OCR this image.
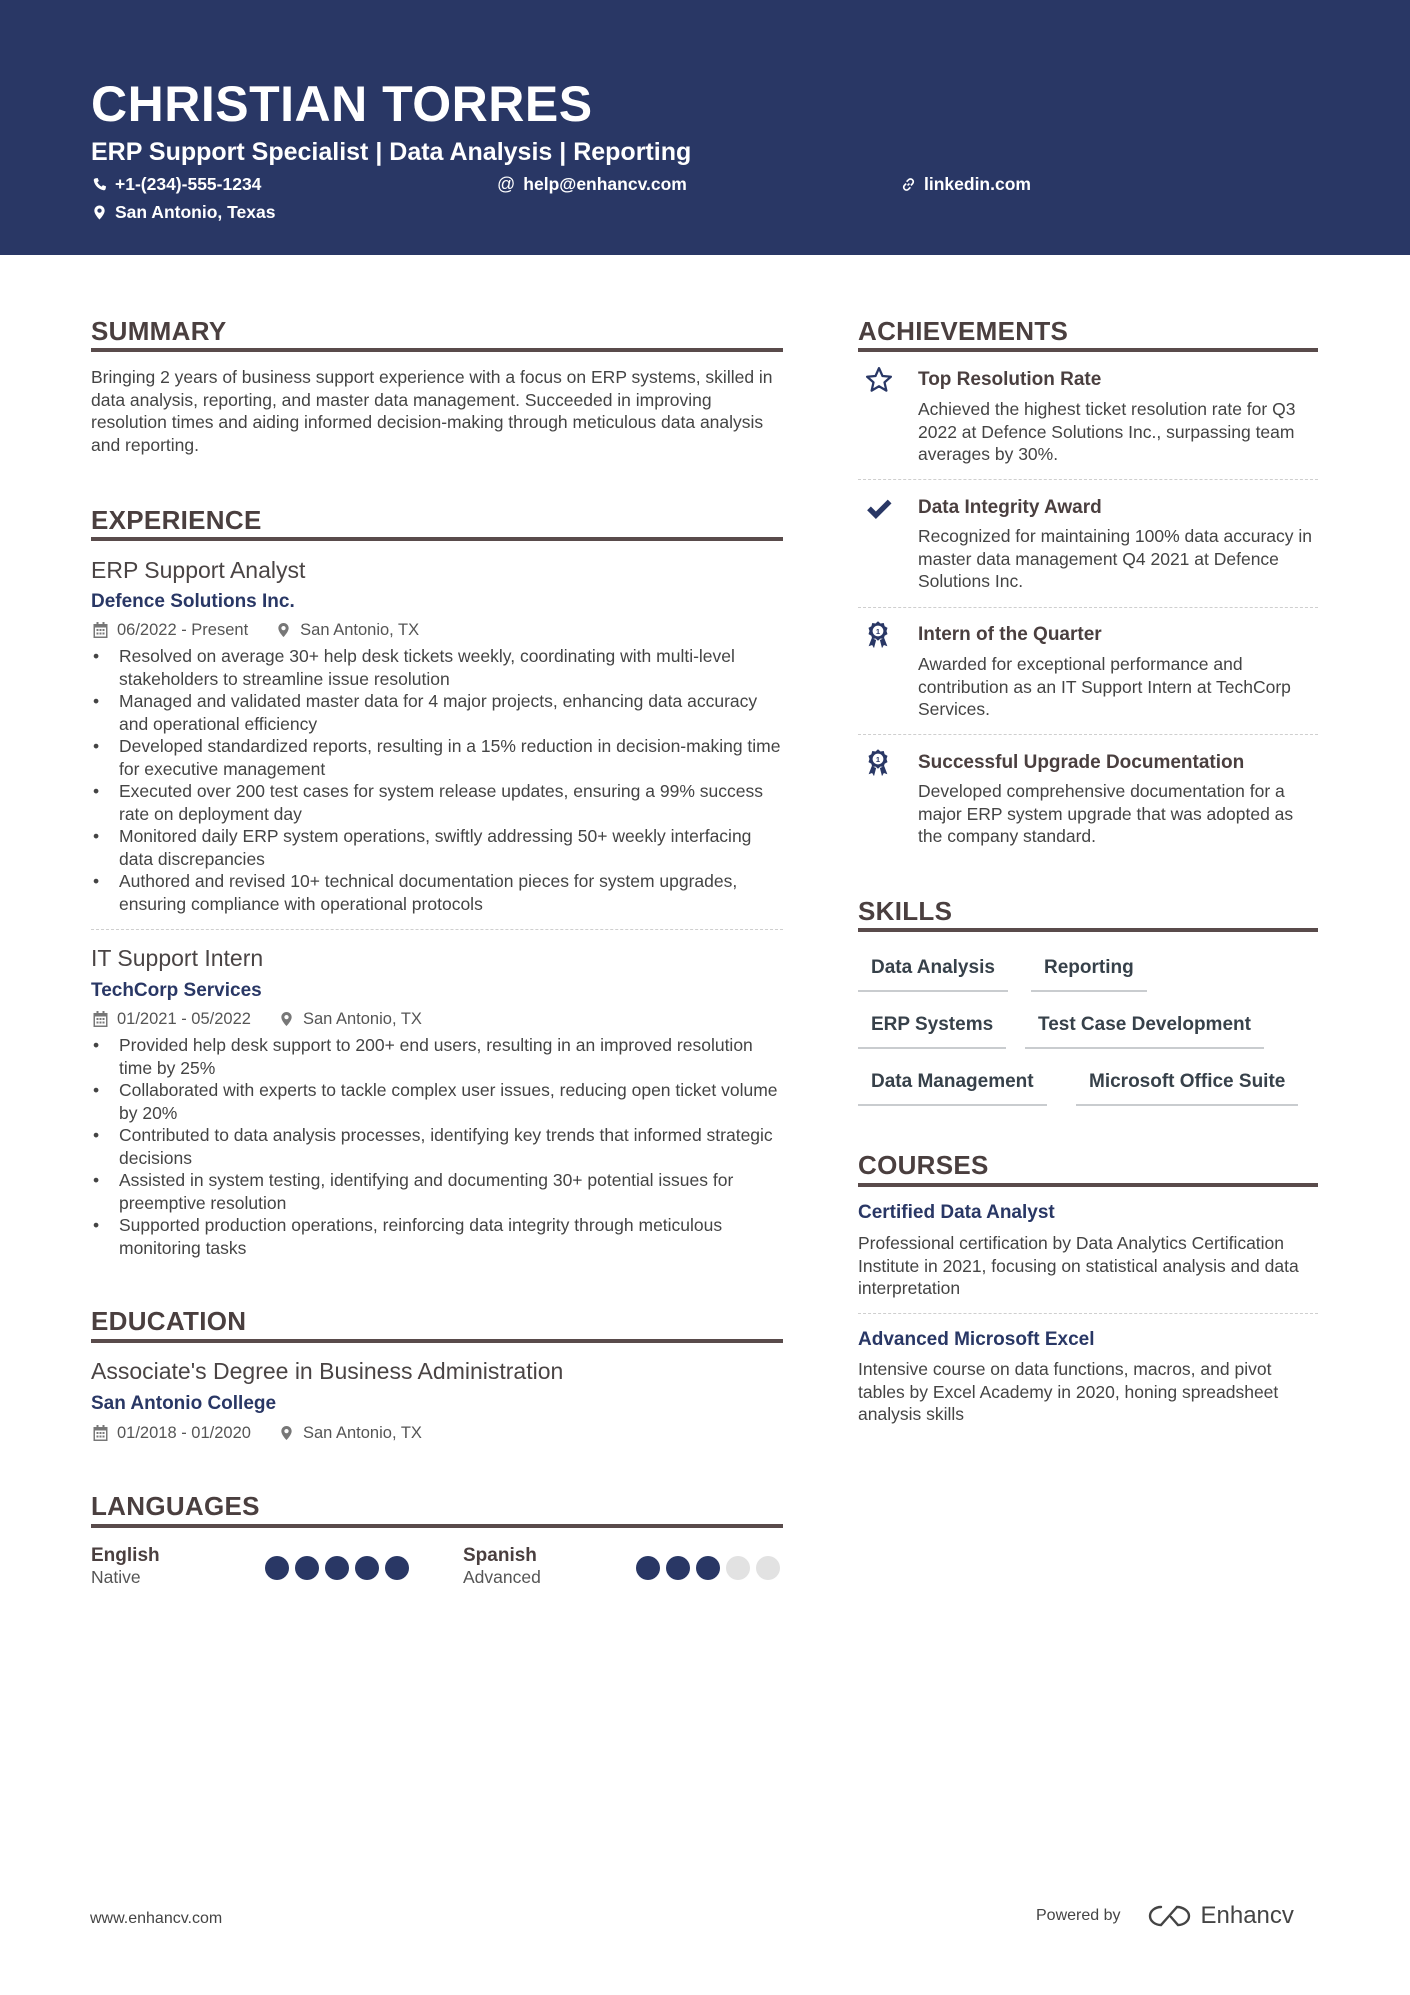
CHRISTIAN TORRES
ERP Support Specialist | Data Analysis | Reporting
+1-(234)-555-1234	@ help@enhancv.com	linkedin.com
San Antonio, Texas
SUMMARY
Bringing 2 years of business support experience with a focus on ERP systems, skilled in data analysis, reporting, and master data management. Succeeded in improving resolution times and aiding informed decision-making through meticulous data analysis and reporting.
EXPERIENCE
ERP Support Analyst
Defence Solutions Inc.
06/2022 - Present	San Antonio, TX
• Resolved on average 30+ help desk tickets weekly, coordinating with multi-level stakeholders to streamline issue resolution
• Managed and validated master data for 4 major projects, enhancing data accuracy and operational efficiency
• Developed standardized reports, resulting in a 15% reduction in decision-making time for executive management
• Executed over 200 test cases for system release updates, ensuring a 99% success rate on deployment day
• Monitored daily ERP system operations, swiftly addressing 50+ weekly interfacing data discrepancies
• Authored and revised 10+ technical documentation pieces for system upgrades, ensuring compliance with operational protocols
IT Support Intern
TechCorp Services
01/2021 - 05/2022	San Antonio, TX
• Provided help desk support to 200+ end users, resulting in an improved resolution time by 25%
• Collaborated with experts to tackle complex user issues, reducing open ticket volume by 20%
• Contributed to data analysis processes, identifying key trends that informed strategic decisions
• Assisted in system testing, identifying and documenting 30+ potential issues for preemptive resolution
• Supported production operations, reinforcing data integrity through meticulous monitoring tasks
EDUCATION
Associate's Degree in Business Administration
San Antonio College
01/2018 - 01/2020	San Antonio, TX
LANGUAGES
English
Native
Spanish
Advanced
ACHIEVEMENTS
Top Resolution Rate
Achieved the highest ticket resolution rate for Q3 2022 at Defence Solutions Inc., surpassing team averages by 30%.
Data Integrity Award
Recognized for maintaining 100% data accuracy in master data management Q4 2021 at Defence Solutions Inc.
1 Intern of the Quarter
Awarded for exceptional performance and contribution as an IT Support Intern at TechCorp Services.
1 Successful Upgrade Documentation
Developed comprehensive documentation for a major ERP system upgrade that was adopted as the company standard.
SKILLS
Data Analysis	Reporting
ERP Systems	Test Case Development
Data Management	Microsoft Office Suite
COURSES
Certified Data Analyst
Professional certification by Data Analytics Certification Institute in 2021, focusing on statistical analysis and data interpretation
Advanced Microsoft Excel
Intensive course on data functions, macros, and pivot tables by Excel Academy in 2020, honing spreadsheet analysis skills
www.enhancv.com	Powered by	Enhancv
